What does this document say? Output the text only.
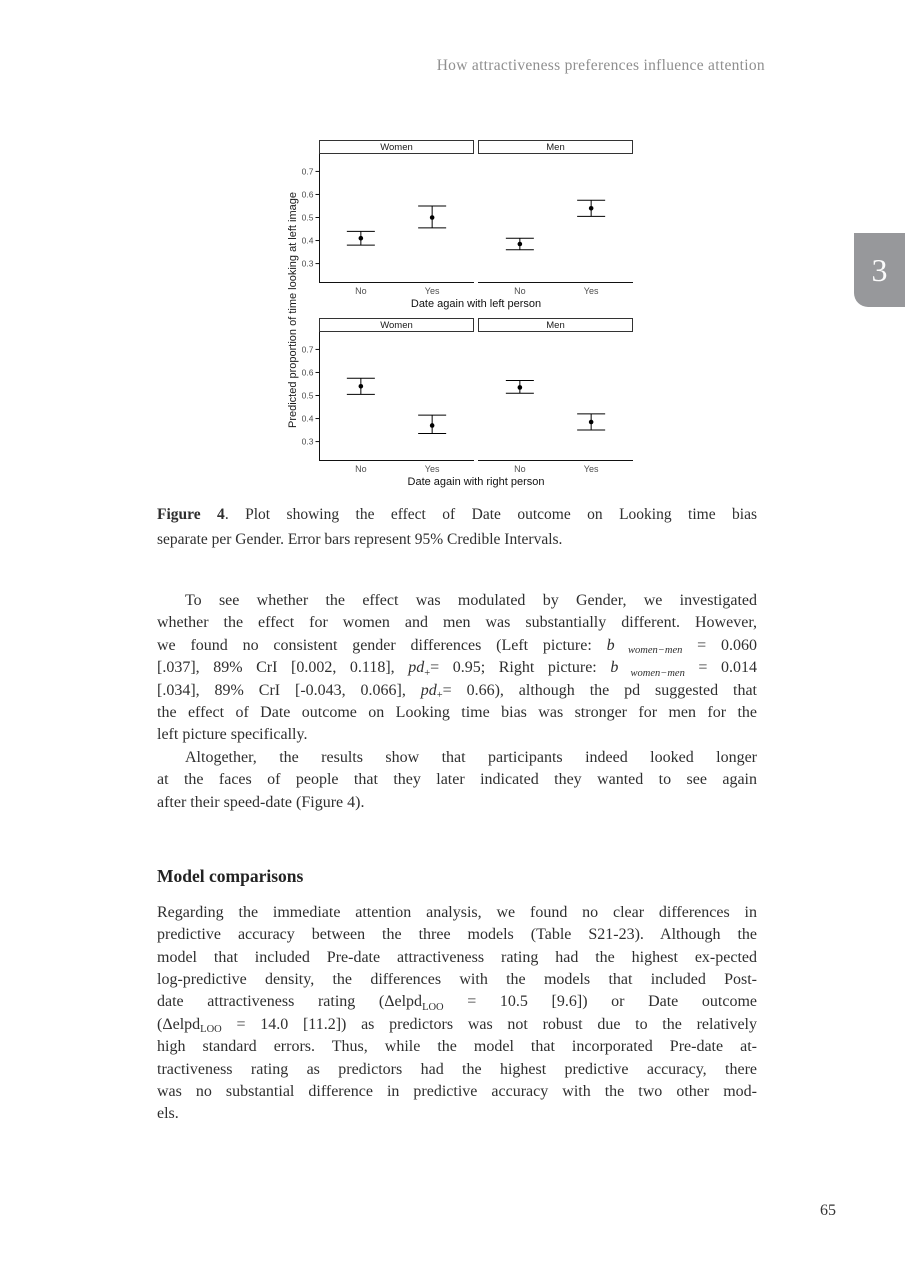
How attractiveness preferences influence attention
Predicted proportion of time looking at left image 0.3
0.4
0.5
0.6
0.7
Women
No	Yes
Men
No	Yes
Date again with left person
0.3
0.4
0.5
0.6
0.7
Women
No	Yes
Men
No	Yes
Date again with right person
Figure 4. Plot showing the effect of Date outcome on Looking time bias
separate per Gender. Error bars represent 95% Credible Intervals.
To see whether the effect was modulated by Gender, we investigated
whether the effect for women and men was substantially different. However,
we found no consistent gender differences (Left picture: b $_{women-men}$ = 0.060
[.037], 89% CrI [0.002, 0.118], $pd_+= 0.95$; Right picture: b $_{women-men}$ = 0.014
[.034], 89% CrI [-0.043, 0.066], $pd_+= 0.66$), although the pd suggested that
the effect of Date outcome on Looking time bias was stronger for men for the
left picture specifically.
Altogether, the results show that participants indeed looked longer
at the faces of people that they later indicated they wanted to see again
after their speed-date (Figure 4).
Model comparisons
Regarding the immediate attention analysis, we found no clear differences in
predictive accuracy between the three models (Table S21-23). Although the
model that included Pre-date attractiveness rating had the highest ex-pected
log-predictive density, the differences with the models that included Post-
date attractiveness rating (Δelpd$_{LOO}$ = 10.5 [9.6]) or Date outcome
(Δelpd$_{LOO}$ = 14.0 [11.2]) as predictors was not robust due to the relatively
high standard errors. Thus, while the model that incorporated Pre-date at-
tractiveness rating as predictors had the highest predictive accuracy, there
was no substantial difference in predictive accuracy with the two other mod-
els.
3
65
